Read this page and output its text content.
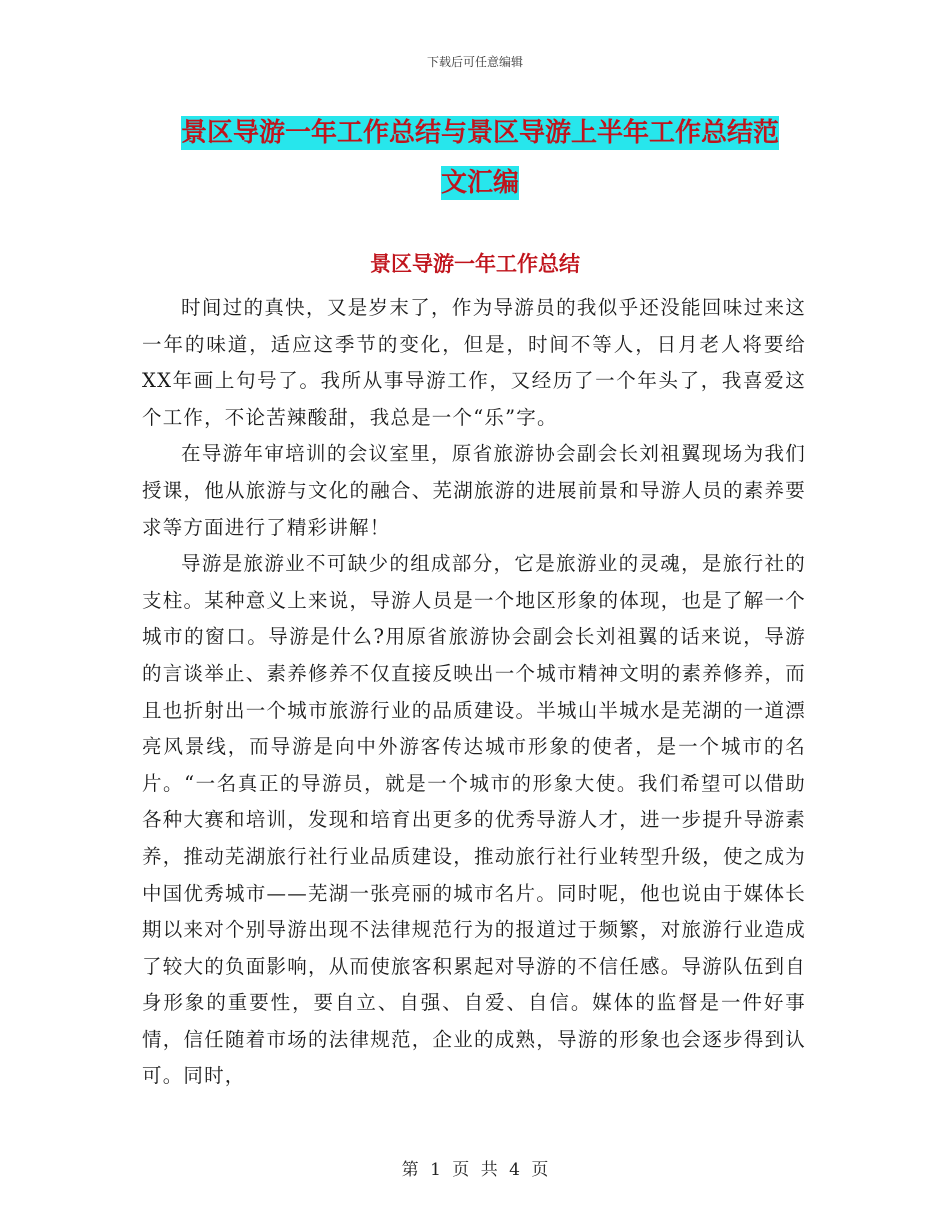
下载后可任意编辑
景区导游一年工作总结与景区导游上半年工作总结范
文汇编
景区导游一年工作总结

时间过的真快，又是岁末了，作为导游员的我似乎还没能回味过来这一年的味道，适应这季节的变化，但是，时间不等人，日月老人将要给XX年画上句号了。我所从事导游工作，又经历了一个年头了，我喜爱这个工作，不论苦辣酸甜，我总是一个“乐”字。

在导游年审培训的会议室里，原省旅游协会副会长刘祖翼现场为我们授课，他从旅游与文化的融合、芜湖旅游的进展前景和导游人员的素养要求等方面进行了精彩讲解！

导游是旅游业不可缺少的组成部分，它是旅游业的灵魂，是旅行社的支柱。某种意义上来说，导游人员是一个地区形象的体现，也是了解一个城市的窗口。导游是什么?用原省旅游协会副会长刘祖翼的话来说，导游的言谈举止、素养修养不仅直接反映出一个城市精神文明的素养修养，而且也折射出一个城市旅游行业的品质建设。半城山半城水是芜湖的一道漂亮风景线，而导游是向中外游客传达城市形象的使者，是一个城市的名片。“一名真正的导游员，就是一个城市的形象大使。我们希望可以借助各种大赛和培训，发现和培育出更多的优秀导游人才，进一步提升导游素养，推动芜湖旅行社行业品质建设，推动旅行社行业转型升级，使之成为中国优秀城市——芜湖一张亮丽的城市名片。同时呢，他也说由于媒体长期以来对个别导游出现不法律规范行为的报道过于频繁，对旅游行业造成了较大的负面影响，从而使旅客积累起对导游的不信任感。导游队伍到自身形象的重要性，要自立、自强、自爱、自信。媒体的监督是一件好事情，信任随着市场的法律规范，企业的成熟，导游的形象也会逐步得到认可。同时，

第 1 页 共 4 页
